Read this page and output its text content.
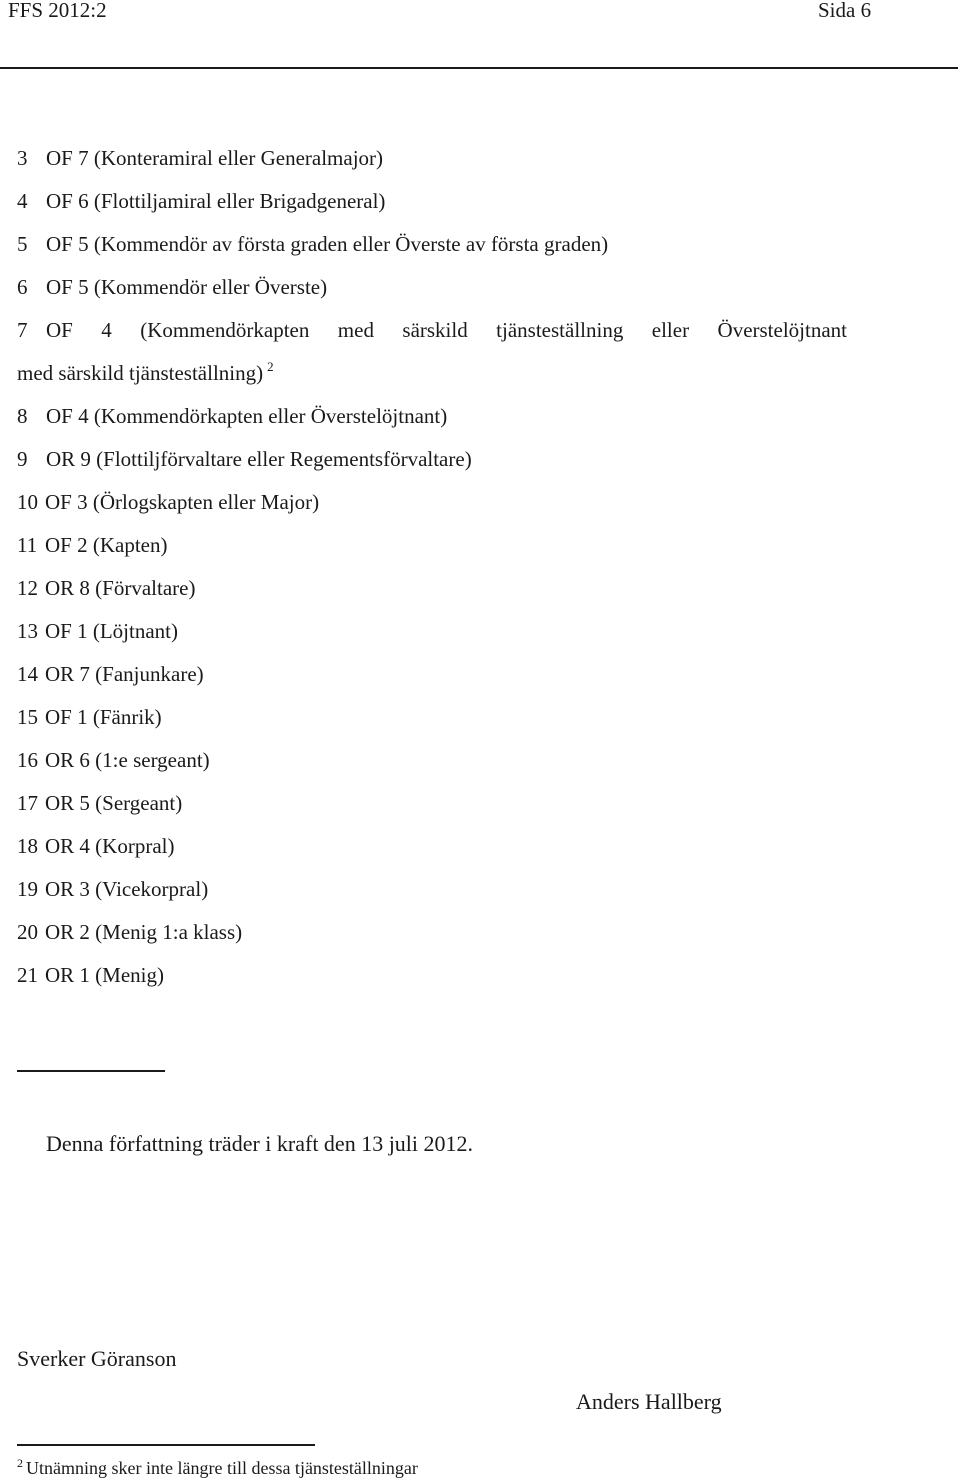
FFS 2012:2	Sida 6
3 OF 7 (Konteramiral eller Generalmajor)
4 OF 6 (Flottiljamiral eller Brigadgeneral)
5 OF 5 (Kommendör av första graden eller Överste av första graden)
6 OF 5 (Kommendör eller Överste)
7 OF 4 (Kommendörkapten med särskild tjänsteställning eller Överstelöjtnant
med särskild tjänsteställning) $^2$
8 OF 4 (Kommendörkapten eller Överstelöjtnant)
9 OR 9 (Flottiljförvaltare eller Regementsförvaltare)
10 OF 3 (Örlogskapten eller Major)
11 OF 2 (Kapten)
12 OR 8 (Förvaltare)
13 OF 1 (Löjtnant)
14 OR 7 (Fanjunkare)
15 OF 1 (Fänrik)
16 OR 6 (1:e sergeant)
17 OR 5 (Sergeant)
18 OR 4 (Korpral)
19 OR 3 (Vicekorpral)
20 OR 2 (Menig 1:a klass)
21 OR 1 (Menig)
Denna författning träder i kraft den 13 juli 2012.
Sverker Göranson
Anders Hallberg
$^2$ Utnämning sker inte längre till dessa tjänsteställningar
